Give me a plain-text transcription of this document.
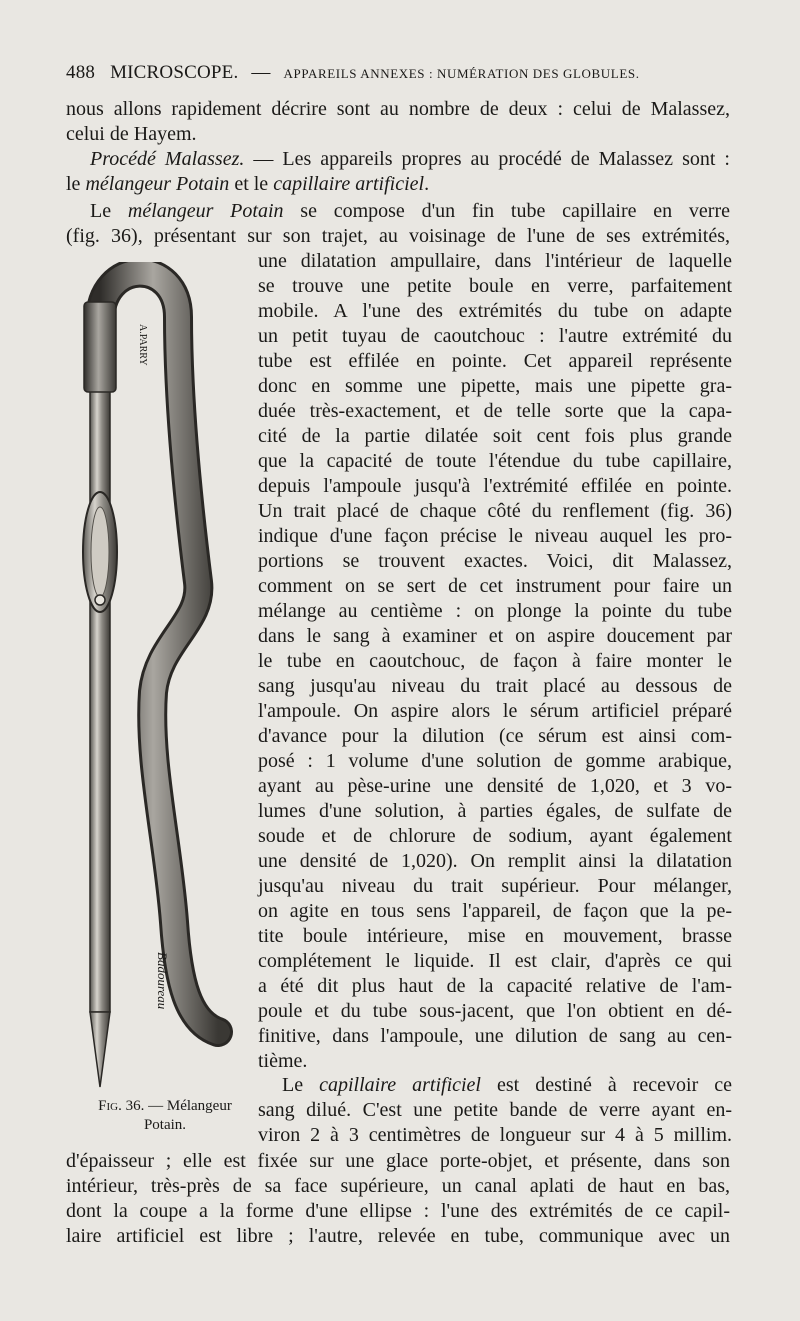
488 MICROSCOPE. — APPAREILS ANNEXES : NUMÉRATION DES GLOBULES.
nous allons rapidement décrire sont au nombre de deux : celui de Malassez,
celui de Hayem.
Procédé Malassez. — Les appareils propres au procédé de Malassez sont :
le mélangeur Potain et le capillaire artificiel.
Le mélangeur Potain se compose d'un fin tube capillaire en verre
(fig. 36), présentant sur son trajet, au voisinage de l'une de ses extrémités,
une dilatation ampullaire, dans l'intérieur de laquelle
se trouve une petite boule en verre, parfaitement
mobile. A l'une des extrémités du tube on adapte
un petit tuyau de caoutchouc : l'autre extrémité du
tube est effilée en pointe. Cet appareil représente
donc en somme une pipette, mais une pipette gra-
duée très-exactement, et de telle sorte que la capa-
cité de la partie dilatée soit cent fois plus grande
que la capacité de toute l'étendue du tube capillaire,
depuis l'ampoule jusqu'à l'extrémité effilée en pointe.
Un trait placé de chaque côté du renflement (fig. 36)
indique d'une façon précise le niveau auquel les pro-
portions se trouvent exactes. Voici, dit Malassez,
comment on se sert de cet instrument pour faire un
mélange au centième : on plonge la pointe du tube
dans le sang à examiner et on aspire doucement par
le tube en caoutchouc, de façon à faire monter le
sang jusqu'au niveau du trait placé au dessous de
l'ampoule. On aspire alors le sérum artificiel préparé
d'avance pour la dilution (ce sérum est ainsi com-
posé : 1 volume d'une solution de gomme arabique,
ayant au pèse-urine une densité de 1,020, et 3 vo-
lumes d'une solution, à parties égales, de sulfate de
soude et de chlorure de sodium, ayant également
une densité de 1,020). On remplit ainsi la dilatation
jusqu'au niveau du trait supérieur. Pour mélanger,
on agite en tous sens l'appareil, de façon que la pe-
tite boule intérieure, mise en mouvement, brasse
complétement le liquide. Il est clair, d'après ce qui
a été dit plus haut de la capacité relative de l'am-
poule et du tube sous-jacent, que l'on obtient en dé-
finitive, dans l'ampoule, une dilution de sang au cen-
tième.
Le capillaire artificiel est destiné à recevoir ce
sang dilué. C'est une petite bande de verre ayant en-
viron 2 à 3 centimètres de longueur sur 4 à 5 millim.
d'épaisseur ; elle est fixée sur une glace porte-objet, et présente, dans son
intérieur, très-près de sa face supérieure, un canal aplati de haut en bas,
dont la coupe a la forme d'une ellipse : l'une des extrémités de ce capil-
laire artificiel est libre ; l'autre, relevée en tube, communique avec un
A.PARRY
Badoureau
Fig. 36. — Mélangeur
Potain.
